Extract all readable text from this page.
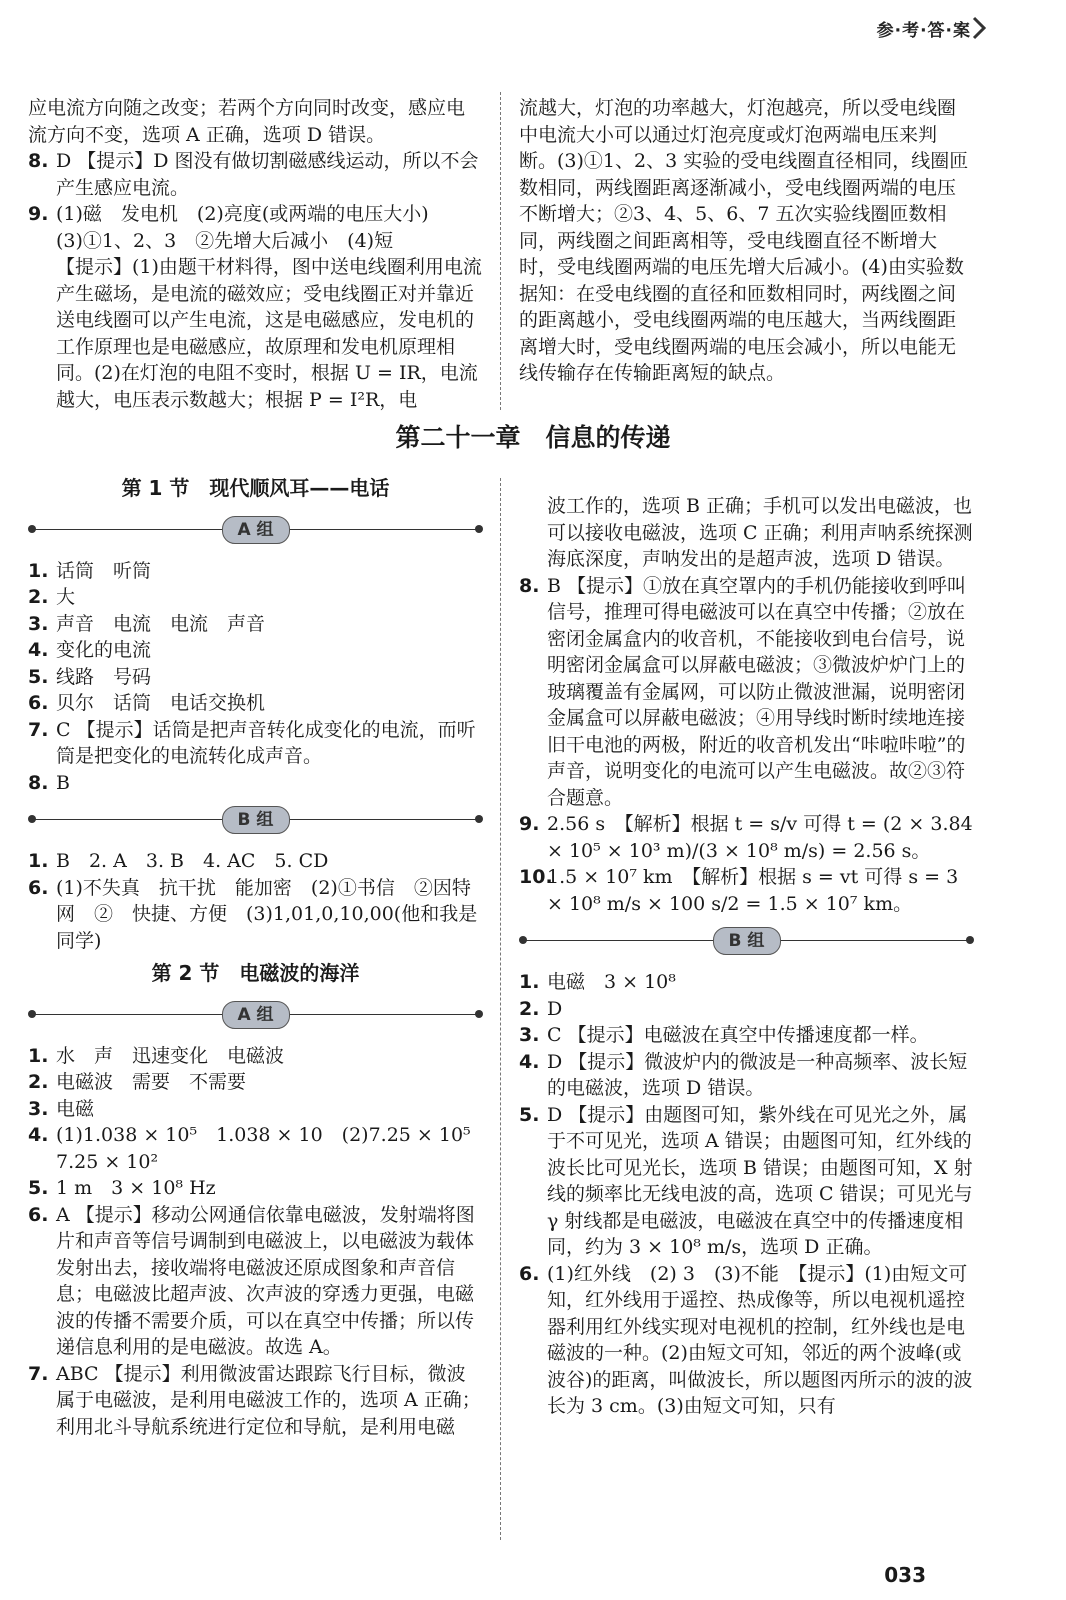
参·考·答·案

应电流方向随之改变；若两个方向同时改变，感应电流方向不变，选项 A 正确，选项 D 错误。

8. D 【提示】D 图没有做切割磁感线运动，所以不会产生感应电流。
9. (1)磁　发电机　(2)亮度(或两端的电压大小)　(3)①1、2、3　②先增大后减小　(4)短

【提示】(1)由题干材料得，图中送电线圈利用电流产生磁场，是电流的磁效应；受电线圈正对并靠近送电线圈可以产生电流，这是电磁感应，发电机的工作原理也是电磁感应，故原理和发电机原理相同。(2)在灯泡的电阻不变时，根据 U = IR，电流越大，电压表示数越大；根据 P = I²R，电

流越大，灯泡的功率越大，灯泡越亮，所以受电线圈中电流大小可以通过灯泡亮度或灯泡两端电压来判断。(3)①1、2、3 实验的受电线圈直径相同，线圈匝数相同，两线圈距离逐渐减小，受电线圈两端的电压不断增大；②3、4、5、6、7 五次实验线圈匝数相同，两线圈之间距离相等，受电线圈直径不断增大时，受电线圈两端的电压先增大后减小。(4)由实验数据知：在受电线圈的直径和匝数相同时，两线圈之间的距离越小，受电线圈两端的电压越大，当两线圈距离增大时，受电线圈两端的电压会减小，所以电能无线传输存在传输距离短的缺点。

第二十一章　信息的传递
第 1 节　现代顺风耳——电话
A 组
1. 话筒　听筒
2. 大
3. 声音　电流　电流　声音
4. 变化的电流
5. 线路　号码
6. 贝尔　话筒　电话交换机
7. C 【提示】话筒是把声音转化成变化的电流，而听筒是把变化的电流转化成声音。
8. B
B 组
1. B　2. A　3. B　4. AC　5. CD
6. (1)不失真　抗干扰　能加密　(2)①书信　②因特网　②　快捷、方便　(3)1,01,0,10,00(他和我是同学)
第 2 节　电磁波的海洋
A 组
1. 水　声　迅速变化　电磁波
2. 电磁波　需要　不需要
3. 电磁
4. (1)1.038 × 10⁵　1.038 × 10　(2)7.25 × 10⁵　7.25 × 10²
5. 1 m　3 × 10⁸ Hz
6. A 【提示】移动公网通信依靠电磁波，发射端将图片和声音等信号调制到电磁波上，以电磁波为载体发射出去，接收端将电磁波还原成图象和声音信息；电磁波比超声波、次声波的穿透力更强，电磁波的传播不需要介质，可以在真空中传播；所以传递信息利用的是电磁波。故选 A。
7. ABC 【提示】利用微波雷达跟踪飞行目标，微波属于电磁波，是利用电磁波工作的，选项 A 正确；利用北斗导航系统进行定位和导航，是利用电磁

波工作的，选项 B 正确；手机可以发出电磁波，也可以接收电磁波，选项 C 正确；利用声呐系统探测海底深度，声呐发出的是超声波，选项 D 错误。

8. B 【提示】①放在真空罩内的手机仍能接收到呼叫信号，推理可得电磁波可以在真空中传播；②放在密闭金属盒内的收音机，不能接收到电台信号，说明密闭金属盒可以屏蔽电磁波；③微波炉炉门上的玻璃覆盖有金属网，可以防止微波泄漏，说明密闭金属盒可以屏蔽电磁波；④用导线时断时续地连接旧干电池的两极，附近的收音机发出“咔啦咔啦”的声音，说明变化的电流可以产生电磁波。故②③符合题意。
9. 2.56 s　【解析】根据 t = s/v 可得 t = (2 × 3.84 × 10⁵ × 10³ m)/(3 × 10⁸ m/s) = 2.56 s。
10.
1.5 × 10⁷ km　【解析】根据 s = vt 可得 s = 3 × 10⁸ m/s × 100 s/2 = 1.5 × 10⁷ km。
B 组
1. 电磁　3 × 10⁸
2. D
3. C 【提示】电磁波在真空中传播速度都一样。
4. D 【提示】微波炉内的微波是一种高频率、波长短的电磁波，选项 D 错误。
5. D 【提示】由题图可知，紫外线在可见光之外，属于不可见光，选项 A 错误；由题图可知，红外线的波长比可见光长，选项 B 错误；由题图可知，X 射线的频率比无线电波的高，选项 C 错误；可见光与 γ 射线都是电磁波，电磁波在真空中的传播速度相同，约为 3 × 10⁸ m/s，选项 D 正确。
6. (1)红外线　(2) 3　(3)不能　【提示】(1)由短文可知，红外线用于遥控、热成像等，所以电视机遥控器利用红外线实现对电视机的控制，红外线也是电磁波的一种。(2)由短文可知，邻近的两个波峰(或波谷)的距离，叫做波长，所以题图丙所示的波的波长为 3 cm。(3)由短文可知，只有
033
